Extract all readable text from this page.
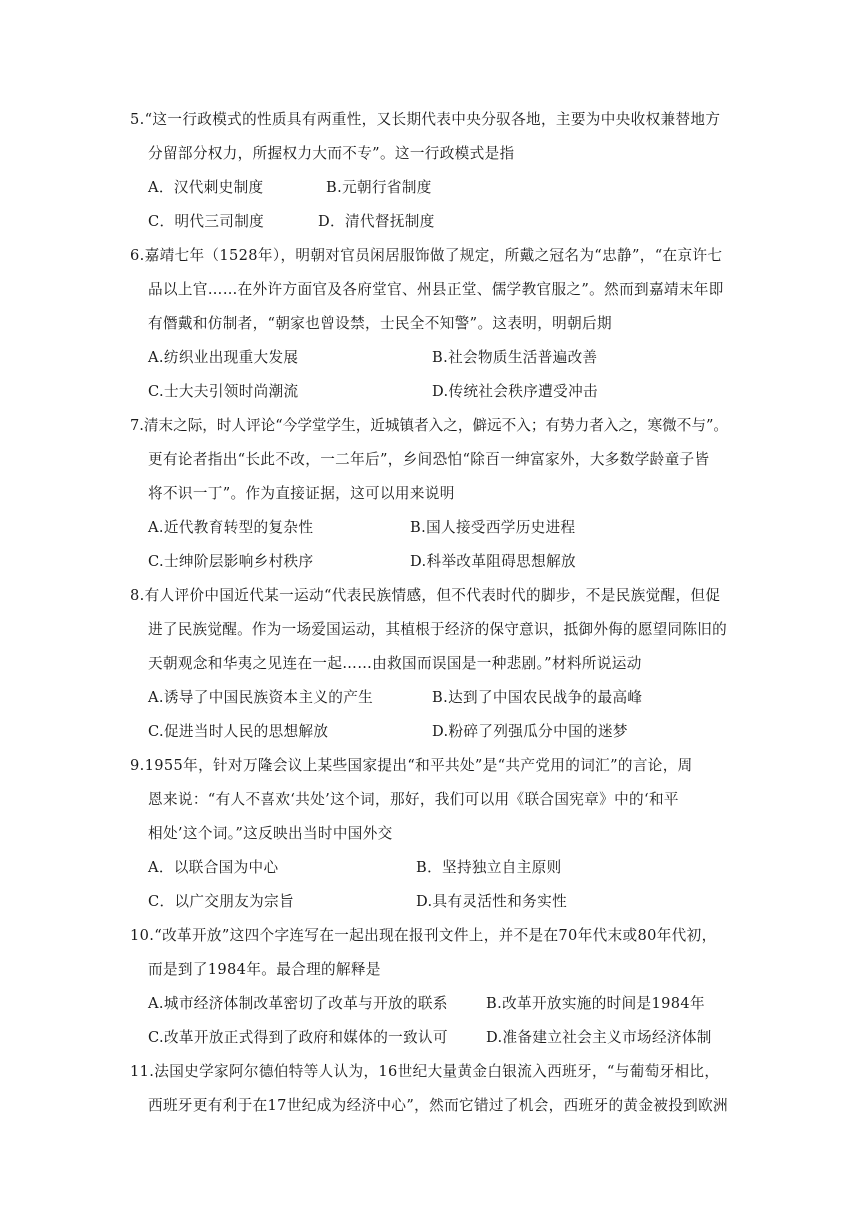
5.“这一行政模式的性质具有两重性，又长期代表中央分驭各地，主要为中央收权兼替地方
分留部分权力，所握权力大而不专”。这一行政模式是指
A．汉代刺史制度	B.元朝行省制度
C．明代三司制度	D．清代督抚制度
6.嘉靖七年（1528年），明朝对官员闲居服饰做了规定，所戴之冠名为“忠静”，“在京许七
品以上官……在外许方面官及各府堂官、州县正堂、儒学教官服之”。然而到嘉靖末年即
有僭戴和仿制者，“朝家也曾设禁，士民全不知警”。这表明，明朝后期
A.纺织业出现重大发展	B.社会物质生活普遍改善
C.士大夫引领时尚潮流	D.传统社会秩序遭受冲击
7.清末之际，时人评论“今学堂学生，近城镇者入之，僻远不入；有势力者入之，寒微不与”。
更有论者指出“长此不改，一二年后”，乡间恐怕“除百一绅富家外，大多数学龄童子皆
将不识一丁”。作为直接证据，这可以用来说明
A.近代教育转型的复杂性	B.国人接受西学历史进程
C.士绅阶层影响乡村秩序	D.科举改革阻碍思想解放
8.有人评价中国近代某一运动“代表民族情感，但不代表时代的脚步，不是民族觉醒，但促
进了民族觉醒。作为一场爱国运动，其植根于经济的保守意识，抵御外侮的愿望同陈旧的
天朝观念和华夷之见连在一起……由救国而误国是一种悲剧。”材料所说运动
A.诱导了中国民族资本主义的产生	B.达到了中国农民战争的最高峰
C.促进当时人民的思想解放	D.粉碎了列强瓜分中国的迷梦
9.1955年，针对万隆会议上某些国家提出“和平共处”是“共产党用的词汇”的言论，周
恩来说：“有人不喜欢‘共处’这个词，那好，我们可以用《联合国宪章》中的‘和平
相处’这个词。”这反映出当时中国外交
A．以联合国为中心	B．坚持独立自主原则
C．以广交朋友为宗旨	D.具有灵活性和务实性
10.“改革开放”这四个字连写在一起出现在报刊文件上，并不是在70年代末或80年代初，
而是到了1984年。最合理的解释是
A.城市经济体制改革密切了改革与开放的联系	B.改革开放实施的时间是1984年
C.改革开放正式得到了政府和媒体的一致认可	D.准备建立社会主义市场经济体制
11.法国史学家阿尔德伯特等人认为，16世纪大量黄金白银流入西班牙，“与葡萄牙相比，
西班牙更有利于在17世纪成为经济中心”，然而它错过了机会，西班牙的黄金被投到欧洲
